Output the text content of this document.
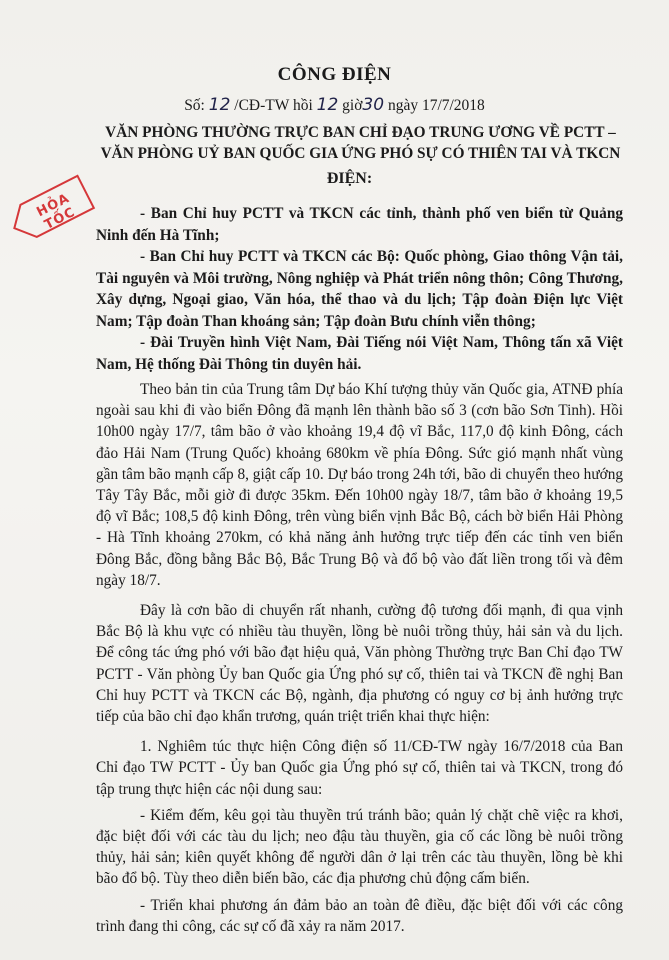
CÔNG ĐIỆN
Số: 12 /CĐ-TW hồi 12 giờ30 ngày 17/7/2018
VĂN PHÒNG THƯỜNG TRỰC BAN CHỈ ĐẠO TRUNG ƯƠNG VỀ PCTT –
VĂN PHÒNG UỶ BAN QUỐC GIA ỨNG PHÓ SỰ CÓ THIÊN TAI VÀ TKCN
ĐIỆN:
HỎA TỐC	- Ban Chỉ huy PCTT và TKCN các tỉnh, thành phố ven biển từ Quảng Ninh đến Hà Tĩnh;

- Ban Chỉ huy PCTT và TKCN các Bộ: Quốc phòng, Giao thông Vận tải, Tài nguyên và Môi trường, Nông nghiệp và Phát triển nông thôn; Công Thương, Xây dựng, Ngoại giao, Văn hóa, thể thao và du lịch; Tập đoàn Điện lực Việt Nam; Tập đoàn Than khoáng sản; Tập đoàn Bưu chính viễn thông;

- Đài Truyền hình Việt Nam, Đài Tiếng nói Việt Nam, Thông tấn xã Việt Nam, Hệ thống Đài Thông tin duyên hải.

Theo bản tin của Trung tâm Dự báo Khí tượng thủy văn Quốc gia, ATNĐ phía ngoài sau khi đi vào biển Đông đã mạnh lên thành bão số 3 (cơn bão Sơn Tinh). Hồi 10h00 ngày 17/7, tâm bão ở vào khoảng 19,4 độ vĩ Bắc, 117,0 độ kinh Đông, cách đảo Hải Nam (Trung Quốc) khoảng 680km về phía Đông. Sức gió mạnh nhất vùng gần tâm bão mạnh cấp 8, giật cấp 10. Dự báo trong 24h tới, bão di chuyển theo hướng Tây Tây Bắc, mỗi giờ đi được 35km. Đến 10h00 ngày 18/7, tâm bão ở khoảng 19,5 độ vĩ Bắc; 108,5 độ kinh Đông, trên vùng biển vịnh Bắc Bộ, cách bờ biển Hải Phòng - Hà Tĩnh khoảng 270km, có khả năng ảnh hưởng trực tiếp đến các tỉnh ven biển Đông Bắc, đồng bằng Bắc Bộ, Bắc Trung Bộ và đổ bộ vào đất liền trong tối và đêm ngày 18/7.

Đây là cơn bão di chuyển rất nhanh, cường độ tương đối mạnh, đi qua vịnh Bắc Bộ là khu vực có nhiều tàu thuyền, lồng bè nuôi trồng thủy, hải sản và du lịch. Để công tác ứng phó với bão đạt hiệu quả, Văn phòng Thường trực Ban Chỉ đạo TW PCTT - Văn phòng Ủy ban Quốc gia Ứng phó sự cố, thiên tai và TKCN đề nghị Ban Chỉ huy PCTT và TKCN các Bộ, ngành, địa phương có nguy cơ bị ảnh hưởng trực tiếp của bão chỉ đạo khẩn trương, quán triệt triển khai thực hiện:

1. Nghiêm túc thực hiện Công điện số 11/CĐ-TW ngày 16/7/2018 của Ban Chỉ đạo TW PCTT - Ủy ban Quốc gia Ứng phó sự cố, thiên tai và TKCN, trong đó tập trung thực hiện các nội dung sau:

- Kiểm đếm, kêu gọi tàu thuyền trú tránh bão; quản lý chặt chẽ việc ra khơi, đặc biệt đối với các tàu du lịch; neo đậu tàu thuyền, gia cố các lồng bè nuôi trồng thủy, hải sản; kiên quyết không để người dân ở lại trên các tàu thuyền, lồng bè khi bão đổ bộ. Tùy theo diễn biến bão, các địa phương chủ động cấm biển.

- Triển khai phương án đảm bảo an toàn đê điều, đặc biệt đối với các công trình đang thi công, các sự cố đã xảy ra năm 2017.
